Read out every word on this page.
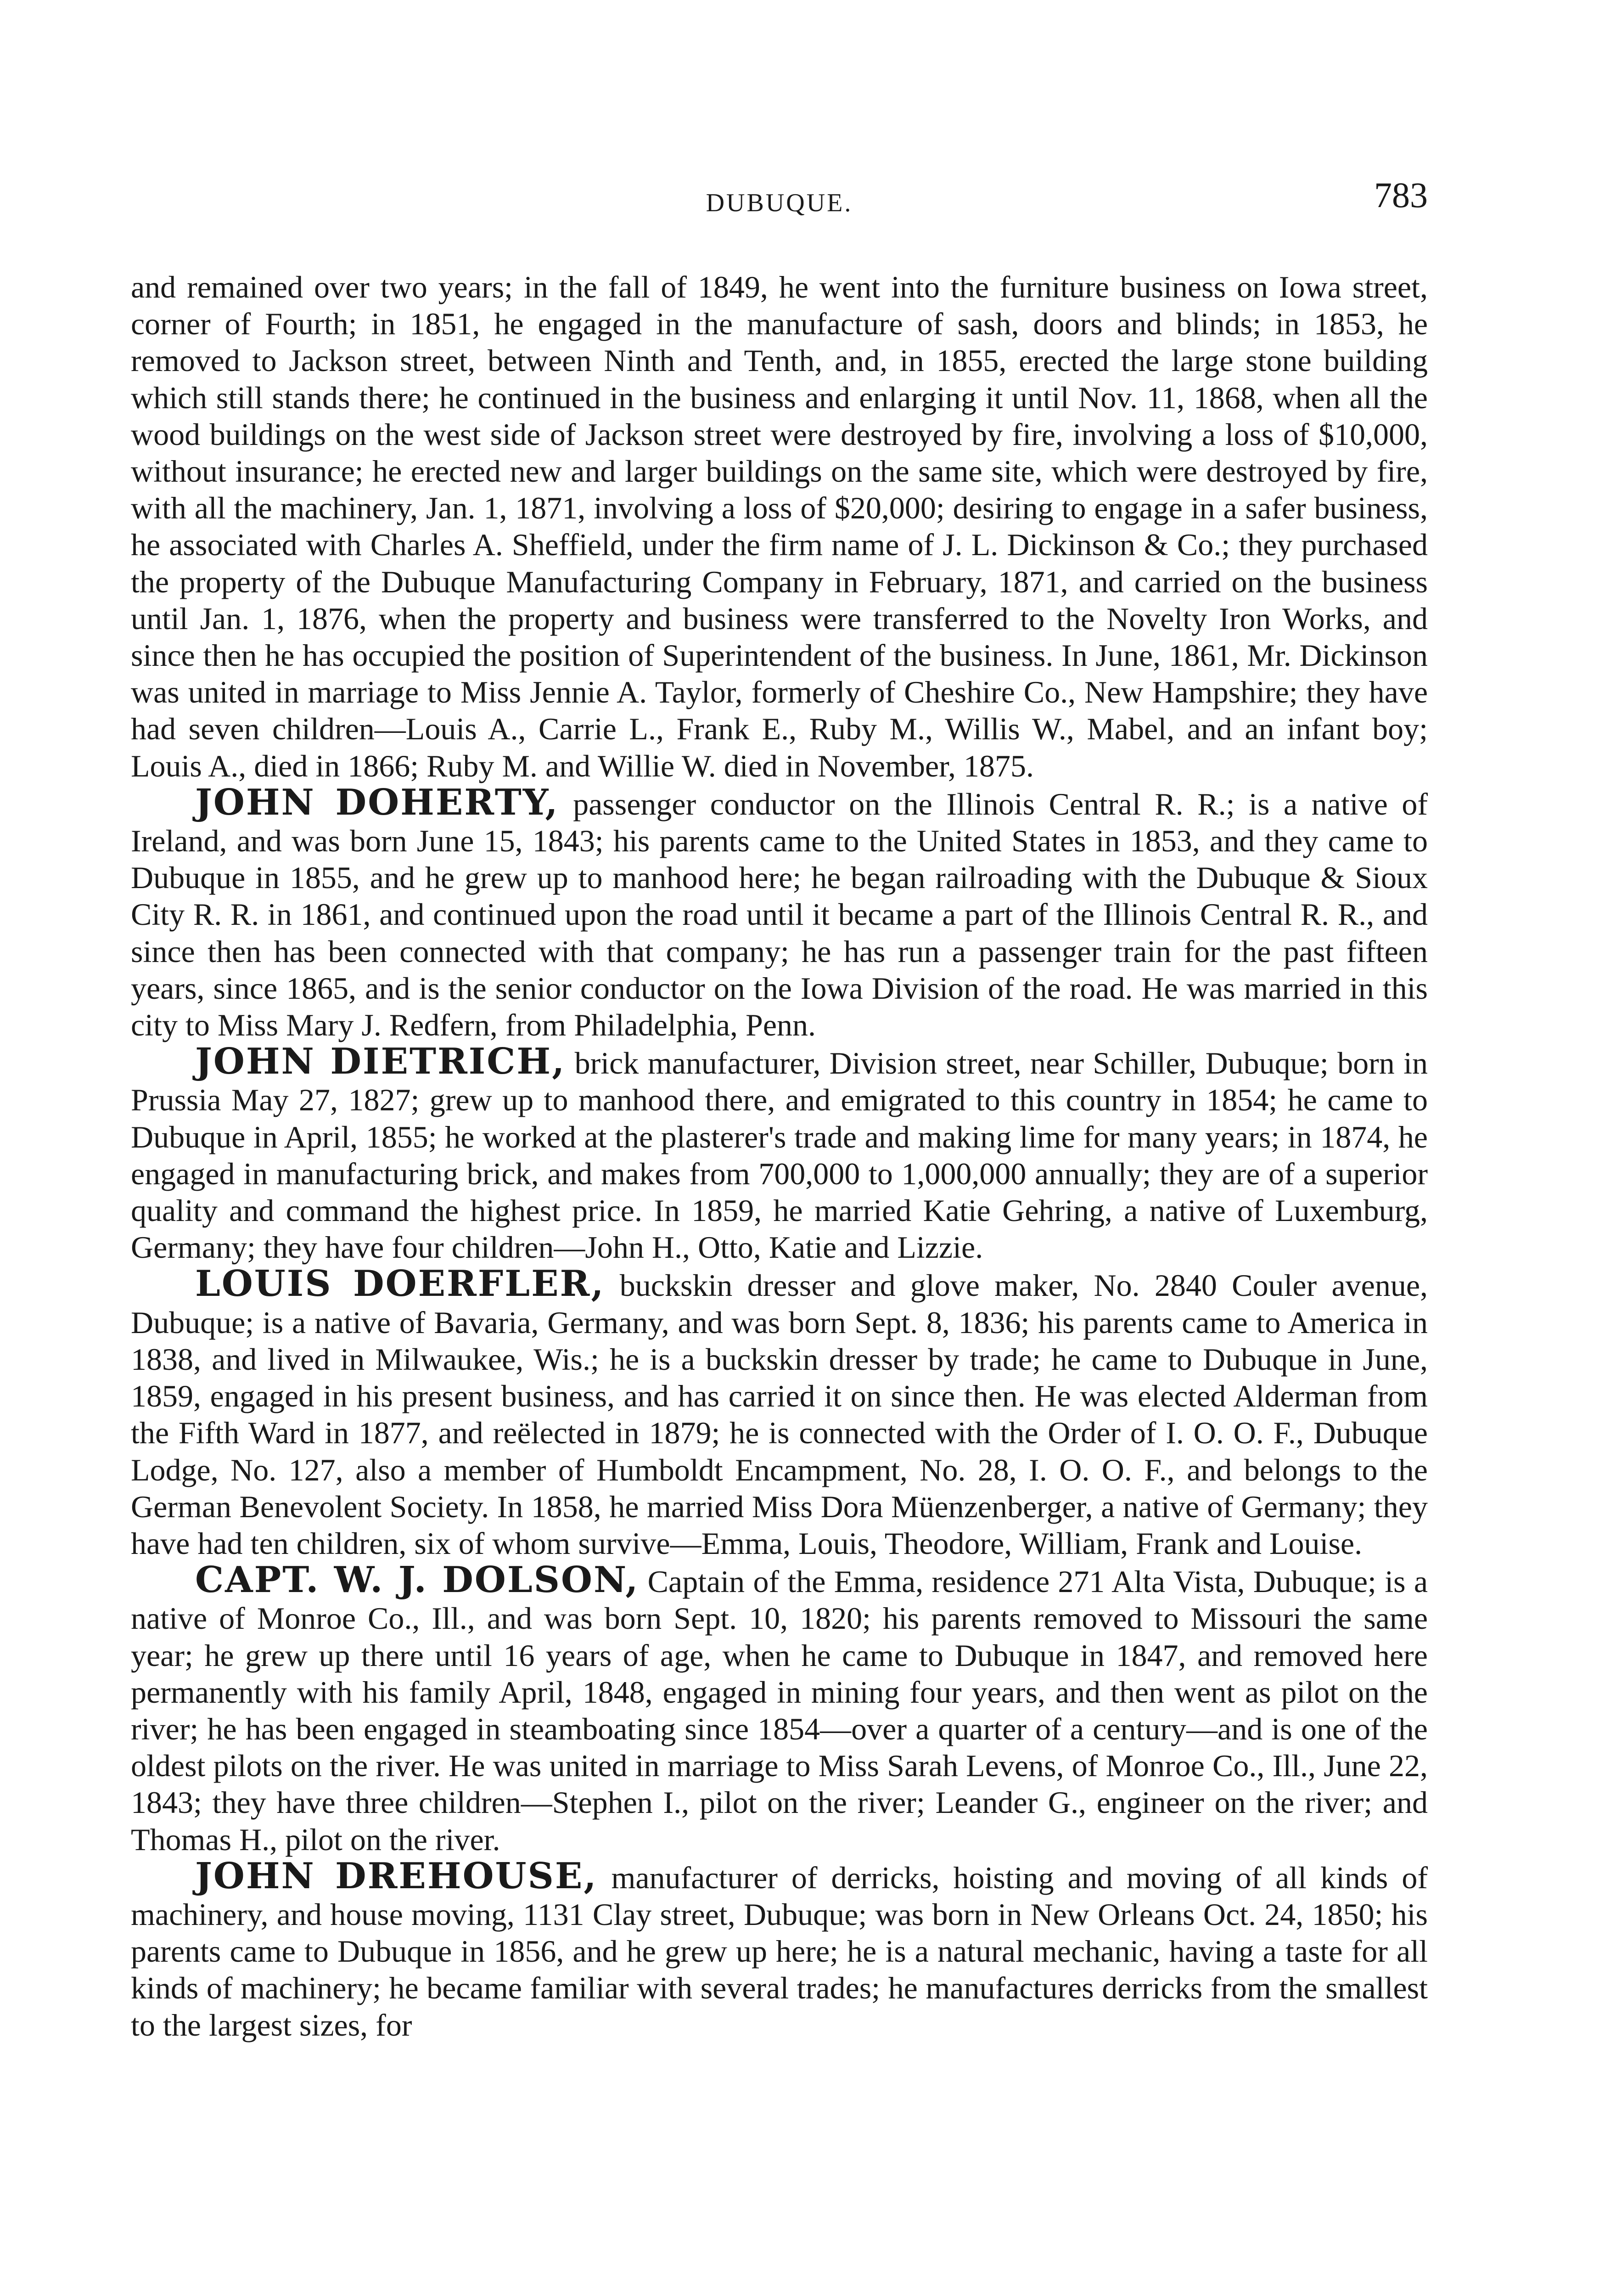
DUBUQUE.	783

and remained over two years; in the fall of 1849, he went into the furniture business on Iowa street, corner of Fourth; in 1851, he engaged in the manufacture of sash, doors and blinds; in 1853, he removed to Jackson street, between Ninth and Tenth, and, in 1855, erected the large stone building which still stands there; he continued in the business and enlarging it until Nov. 11, 1868, when all the wood buildings on the west side of Jackson street were destroyed by fire, involving a loss of $10,000, without insurance; he erected new and larger buildings on the same site, which were destroyed by fire, with all the machinery, Jan. 1, 1871, involving a loss of $20,000; desiring to engage in a safer business, he associated with Charles A. Sheffield, under the firm name of J. L. Dickinson & Co.; they purchased the property of the Dubuque Manufacturing Company in February, 1871, and carried on the business until Jan. 1, 1876, when the property and business were transferred to the Novelty Iron Works, and since then he has occupied the position of Superintendent of the business. In June, 1861, Mr. Dickinson was united in marriage to Miss Jennie A. Taylor, formerly of Cheshire Co., New Hampshire; they have had seven children—Louis A., Carrie L., Frank E., Ruby M., Willis W., Mabel, and an infant boy; Louis A., died in 1866; Ruby M. and Willie W. died in November, 1875.

JOHN DOHERTY, passenger conductor on the Illinois Central R. R.; is a native of Ireland, and was born June 15, 1843; his parents came to the United States in 1853, and they came to Dubuque in 1855, and he grew up to manhood here; he began railroading with the Dubuque & Sioux City R. R. in 1861, and continued upon the road until it became a part of the Illinois Central R. R., and since then has been connected with that company; he has run a passenger train for the past fifteen years, since 1865, and is the senior conductor on the Iowa Division of the road. He was married in this city to Miss Mary J. Redfern, from Philadelphia, Penn.

JOHN DIETRICH, brick manufacturer, Division street, near Schiller, Dubuque; born in Prussia May 27, 1827; grew up to manhood there, and emigrated to this country in 1854; he came to Dubuque in April, 1855; he worked at the plasterer's trade and making lime for many years; in 1874, he engaged in manufacturing brick, and makes from 700,000 to 1,000,000 annually; they are of a superior quality and command the highest price. In 1859, he married Katie Gehring, a native of Luxemburg, Germany; they have four children—John H., Otto, Katie and Lizzie.

LOUIS DOERFLER, buckskin dresser and glove maker, No. 2840 Couler avenue, Dubuque; is a native of Bavaria, Germany, and was born Sept. 8, 1836; his parents came to America in 1838, and lived in Milwaukee, Wis.; he is a buckskin dresser by trade; he came to Dubuque in June, 1859, engaged in his present business, and has carried it on since then. He was elected Alderman from the Fifth Ward in 1877, and reëlected in 1879; he is connected with the Order of I. O. O. F., Dubuque Lodge, No. 127, also a member of Humboldt Encampment, No. 28, I. O. O. F., and belongs to the German Benevolent Society. In 1858, he married Miss Dora Müenzenberger, a native of Germany; they have had ten children, six of whom survive—Emma, Louis, Theodore, William, Frank and Louise.

CAPT. W. J. DOLSON, Captain of the Emma, residence 271 Alta Vista, Dubuque; is a native of Monroe Co., Ill., and was born Sept. 10, 1820; his parents removed to Missouri the same year; he grew up there until 16 years of age, when he came to Dubuque in 1847, and removed here permanently with his family April, 1848, engaged in mining four years, and then went as pilot on the river; he has been engaged in steamboating since 1854—over a quarter of a century—and is one of the oldest pilots on the river. He was united in marriage to Miss Sarah Levens, of Monroe Co., Ill., June 22, 1843; they have three children—Stephen I., pilot on the river; Leander G., engineer on the river; and Thomas H., pilot on the river.

JOHN DREHOUSE, manufacturer of derricks, hoisting and moving of all kinds of machinery, and house moving, 1131 Clay street, Dubuque; was born in New Orleans Oct. 24, 1850; his parents came to Dubuque in 1856, and he grew up here; he is a natural mechanic, having a taste for all kinds of machinery; he became familiar with several trades; he manufactures derricks from the smallest to the largest sizes, for
